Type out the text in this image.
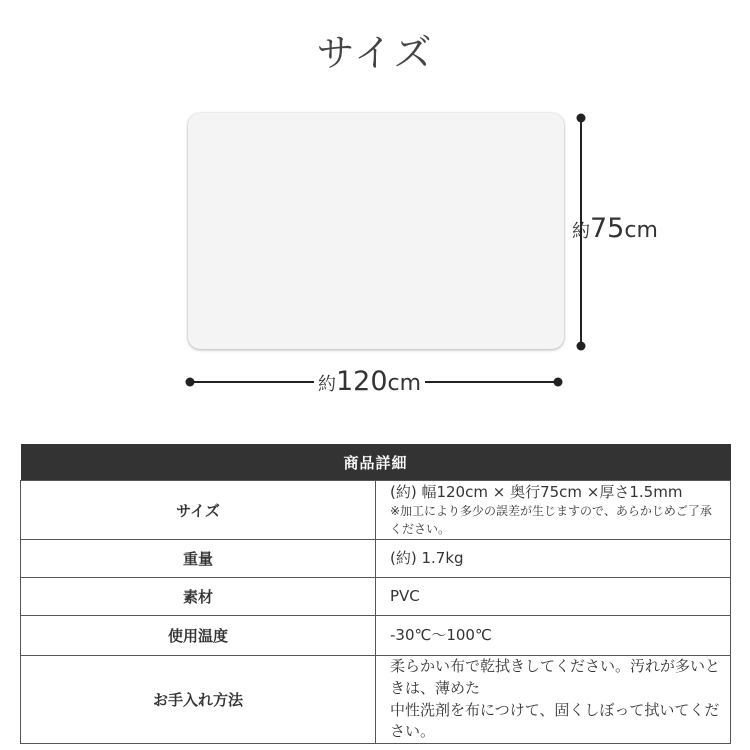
サイズ
約120cm
約75cm
商品詳細	
サイズ	(約) 幅120cm × 奥行75cm ×厚さ1.5mm
※加工により多少の誤差が生じますので、あらかじめご了承ください。

重量	(約) 1.7kg
素材	PVC
使用温度	-30℃〜100℃
お手入れ方法	柔らかい布で乾拭きしてください。汚れが多いときは、薄めた
中性洗剤を布につけて、固くしぼって拭いてください。
